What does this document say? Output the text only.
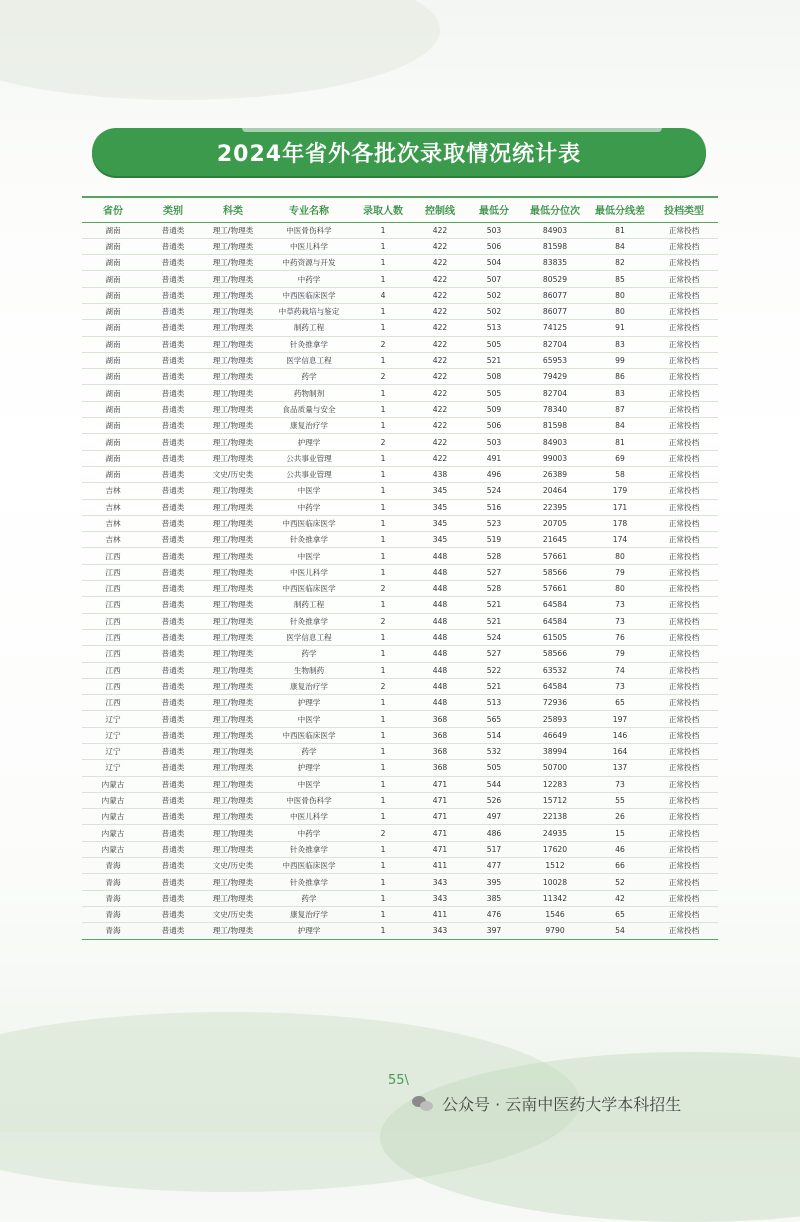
2024年省外各批次录取情况统计表
省份	类别	科类	专业名称	录取人数	控制线	最低分	最低分位次	最低分线差	投档类型
湖南	普通类	理工/物理类	中医骨伤科学	1	422	503	84903	81	正常投档
湖南	普通类	理工/物理类	中医儿科学	1	422	506	81598	84	正常投档
湖南	普通类	理工/物理类	中药资源与开发	1	422	504	83835	82	正常投档
湖南	普通类	理工/物理类	中药学	1	422	507	80529	85	正常投档
湖南	普通类	理工/物理类	中西医临床医学	4	422	502	86077	80	正常投档
湖南	普通类	理工/物理类	中草药栽培与鉴定	1	422	502	86077	80	正常投档
湖南	普通类	理工/物理类	制药工程	1	422	513	74125	91	正常投档
湖南	普通类	理工/物理类	针灸推拿学	2	422	505	82704	83	正常投档
湖南	普通类	理工/物理类	医学信息工程	1	422	521	65953	99	正常投档
湖南	普通类	理工/物理类	药学	2	422	508	79429	86	正常投档
湖南	普通类	理工/物理类	药物制剂	1	422	505	82704	83	正常投档
湖南	普通类	理工/物理类	食品质量与安全	1	422	509	78340	87	正常投档
湖南	普通类	理工/物理类	康复治疗学	1	422	506	81598	84	正常投档
湖南	普通类	理工/物理类	护理学	2	422	503	84903	81	正常投档
湖南	普通类	理工/物理类	公共事业管理	1	422	491	99003	69	正常投档
湖南	普通类	文史/历史类	公共事业管理	1	438	496	26389	58	正常投档
吉林	普通类	理工/物理类	中医学	1	345	524	20464	179	正常投档
吉林	普通类	理工/物理类	中药学	1	345	516	22395	171	正常投档
吉林	普通类	理工/物理类	中西医临床医学	1	345	523	20705	178	正常投档
吉林	普通类	理工/物理类	针灸推拿学	1	345	519	21645	174	正常投档
江西	普通类	理工/物理类	中医学	1	448	528	57661	80	正常投档
江西	普通类	理工/物理类	中医儿科学	1	448	527	58566	79	正常投档
江西	普通类	理工/物理类	中西医临床医学	2	448	528	57661	80	正常投档
江西	普通类	理工/物理类	制药工程	1	448	521	64584	73	正常投档
江西	普通类	理工/物理类	针灸推拿学	2	448	521	64584	73	正常投档
江西	普通类	理工/物理类	医学信息工程	1	448	524	61505	76	正常投档
江西	普通类	理工/物理类	药学	1	448	527	58566	79	正常投档
江西	普通类	理工/物理类	生物制药	1	448	522	63532	74	正常投档
江西	普通类	理工/物理类	康复治疗学	2	448	521	64584	73	正常投档
江西	普通类	理工/物理类	护理学	1	448	513	72936	65	正常投档
辽宁	普通类	理工/物理类	中医学	1	368	565	25893	197	正常投档
辽宁	普通类	理工/物理类	中西医临床医学	1	368	514	46649	146	正常投档
辽宁	普通类	理工/物理类	药学	1	368	532	38994	164	正常投档
辽宁	普通类	理工/物理类	护理学	1	368	505	50700	137	正常投档
内蒙古	普通类	理工/物理类	中医学	1	471	544	12283	73	正常投档
内蒙古	普通类	理工/物理类	中医骨伤科学	1	471	526	15712	55	正常投档
内蒙古	普通类	理工/物理类	中医儿科学	1	471	497	22138	26	正常投档
内蒙古	普通类	理工/物理类	中药学	2	471	486	24935	15	正常投档
内蒙古	普通类	理工/物理类	针灸推拿学	1	471	517	17620	46	正常投档
青海	普通类	文史/历史类	中西医临床医学	1	411	477	1512	66	正常投档
青海	普通类	理工/物理类	针灸推拿学	1	343	395	10028	52	正常投档
青海	普通类	理工/物理类	药学	1	343	385	11342	42	正常投档
青海	普通类	文史/历史类	康复治疗学	1	411	476	1546	65	正常投档
青海	普通类	理工/物理类	护理学	1	343	397	9790	54	正常投档
55\
公众号 · 云南中医药大学本科招生
